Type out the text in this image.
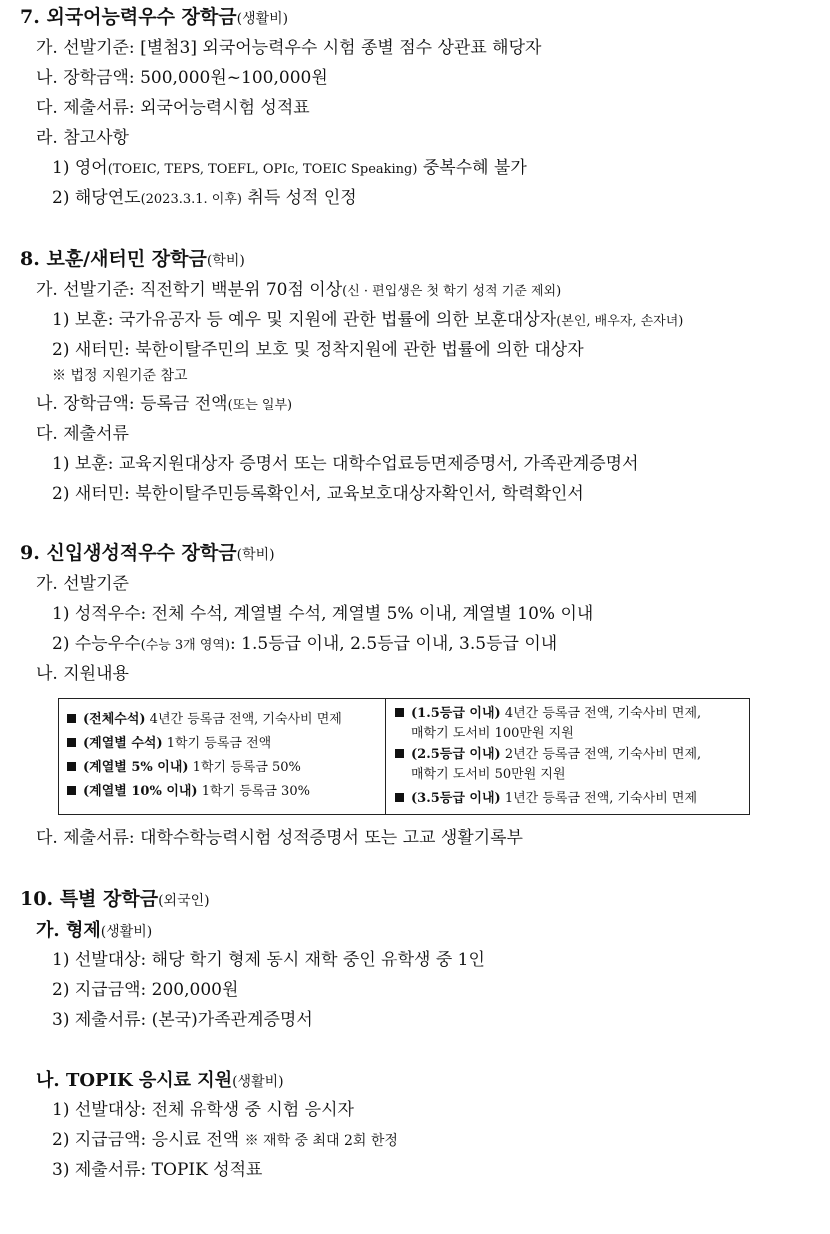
7. 외국어능력우수 장학금(생활비)
가. 선발기준: [별첨3] 외국어능력우수 시험 종별 점수 상관표 해당자
나. 장학금액: 500,000원~100,000원
다. 제출서류: 외국어능력시험 성적표
라. 참고사항
1) 영어(TOEIC, TEPS, TOEFL, OPIc, TOEIC Speaking) 중복수혜 불가
2) 해당연도(2023.3.1. 이후) 취득 성적 인정
8. 보훈/새터민 장학금(학비)
가. 선발기준: 직전학기 백분위 70점 이상(신 · 편입생은 첫 학기 성적 기준 제외)
1) 보훈: 국가유공자 등 예우 및 지원에 관한 법률에 의한 보훈대상자(본인, 배우자, 손자녀)
2) 새터민: 북한이탈주민의 보호 및 정착지원에 관한 법률에 의한 대상자
※ 법정 지원기준 참고
나. 장학금액: 등록금 전액(또는 일부)
다. 제출서류
1) 보훈: 교육지원대상자 증명서 또는 대학수업료등면제증명서, 가족관계증명서
2) 새터민: 북한이탈주민등록확인서, 교육보호대상자확인서, 학력확인서
9. 신입생성적우수 장학금(학비)
가. 선발기준
1) 성적우수: 전체 수석, 계열별 수석, 계열별 5% 이내, 계열별 10% 이내
2) 수능우수(수능 3개 영역): 1.5등급 이내, 2.5등급 이내, 3.5등급 이내
나. 지원내용
(전체수석) 4년간 등록금 전액, 기숙사비 면제
(계열별 수석) 1학기 등록금 전액
(계열별 5% 이내) 1학기 등록금 50%
(계열별 10% 이내) 1학기 등록금 30%
(1.5등급 이내) 4년간 등록금 전액, 기숙사비 면제,
매학기 도서비 100만원 지원
(2.5등급 이내) 2년간 등록금 전액, 기숙사비 면제,
매학기 도서비 50만원 지원
(3.5등급 이내) 1년간 등록금 전액, 기숙사비 면제
다. 제출서류: 대학수학능력시험 성적증명서 또는 고교 생활기록부
10. 특별 장학금(외국인)
가. 형제(생활비)
1) 선발대상: 해당 학기 형제 동시 재학 중인 유학생 중 1인
2) 지급금액: 200,000원
3) 제출서류: (본국)가족관계증명서
나. TOPIK 응시료 지원(생활비)
1) 선발대상: 전체 유학생 중 시험 응시자
2) 지급금액: 응시료 전액 ※ 재학 중 최대 2회 한정
3) 제출서류: TOPIK 성적표
